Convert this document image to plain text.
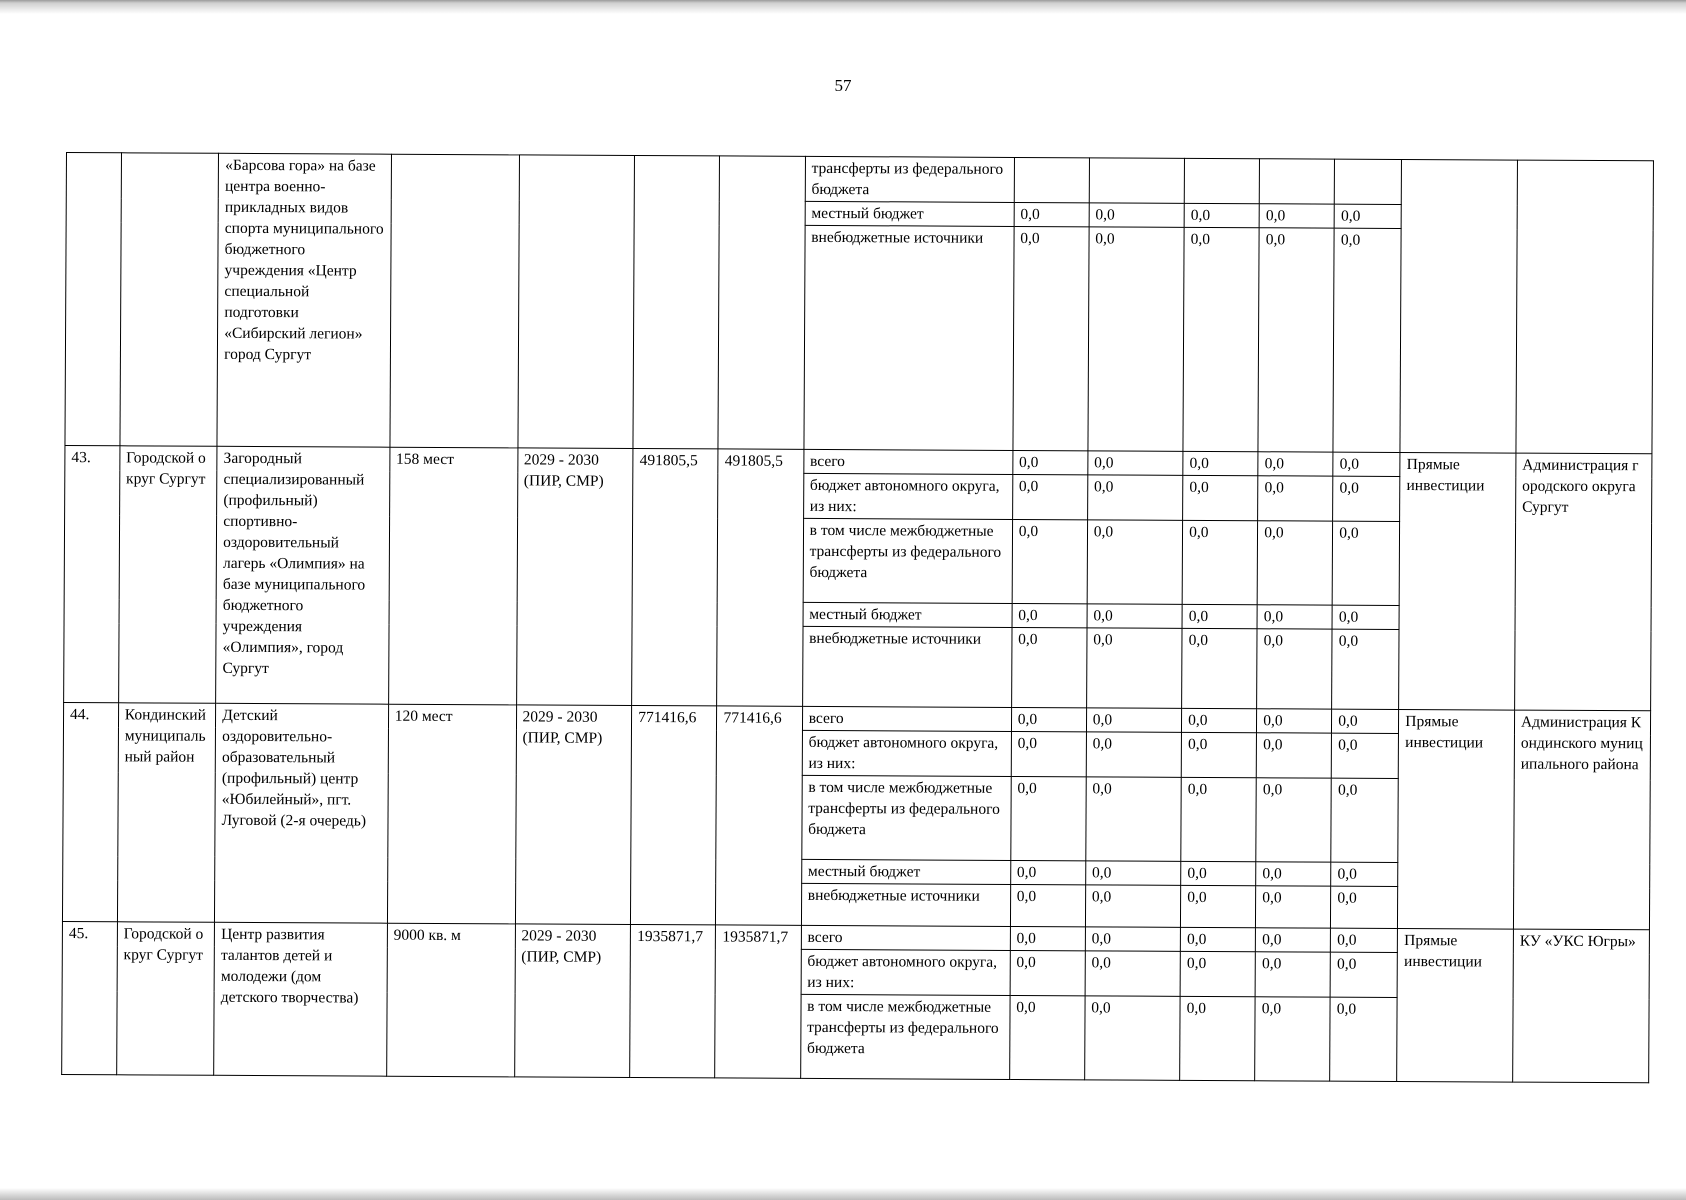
57
		«Барсова гора» на базе центра военно-прикладных видов спорта муниципального бюджетного учреждения «Центр специальной подготовки «Сибирский легион» город Сургут					трансферты из федерального бюджета							
							местный бюджет	0,0	0,0	0,0	0,0	0,0		
							внебюджетные источники	0,0	0,0	0,0	0,0	0,0		
43.	Городской округ Сургут	Загородный специализированный (профильный) спортивно-оздоровительный лагерь «Олимпия» на базе муниципального бюджетного учреждения «Олимпия», город Сургут	158 мест	2029 - 2030 (ПИР, СМР)	491805,5	491805,5	всего	0,0	0,0	0,0	0,0	0,0	Прямые инвестиции	Администрация городского округа Сургут
							бюджет автономного округа, из них:	0,0	0,0	0,0	0,0	0,0		
							в том числе межбюджетные трансферты из федерального бюджета	0,0	0,0	0,0	0,0	0,0		
							местный бюджет	0,0	0,0	0,0	0,0	0,0		
							внебюджетные источники	0,0	0,0	0,0	0,0	0,0		
44.	Кондинский муниципальный район	Детский оздоровительно-образовательный (профильный) центр «Юбилейный», пгт. Луговой (2-я очередь)	120 мест	2029 - 2030 (ПИР, СМР)	771416,6	771416,6	всего	0,0	0,0	0,0	0,0	0,0	Прямые инвестиции	Администрация Кондинского муниципального района
							бюджет автономного округа, из них:	0,0	0,0	0,0	0,0	0,0		
							в том числе межбюджетные трансферты из федерального бюджета	0,0	0,0	0,0	0,0	0,0		
							местный бюджет	0,0	0,0	0,0	0,0	0,0		
							внебюджетные источники	0,0	0,0	0,0	0,0	0,0		
45.	Городской округ Сургут	Центр развития талантов детей и молодежи (дом детского творчества)	9000 кв. м	2029 - 2030 (ПИР, СМР)	1935871,7	1935871,7	всего	0,0	0,0	0,0	0,0	0,0	Прямые инвестиции	КУ «УКС Югры»
							бюджет автономного округа, из них:	0,0	0,0	0,0	0,0	0,0		
							в том числе межбюджетные трансферты из федерального бюджета	0,0	0,0	0,0	0,0	0,0		
